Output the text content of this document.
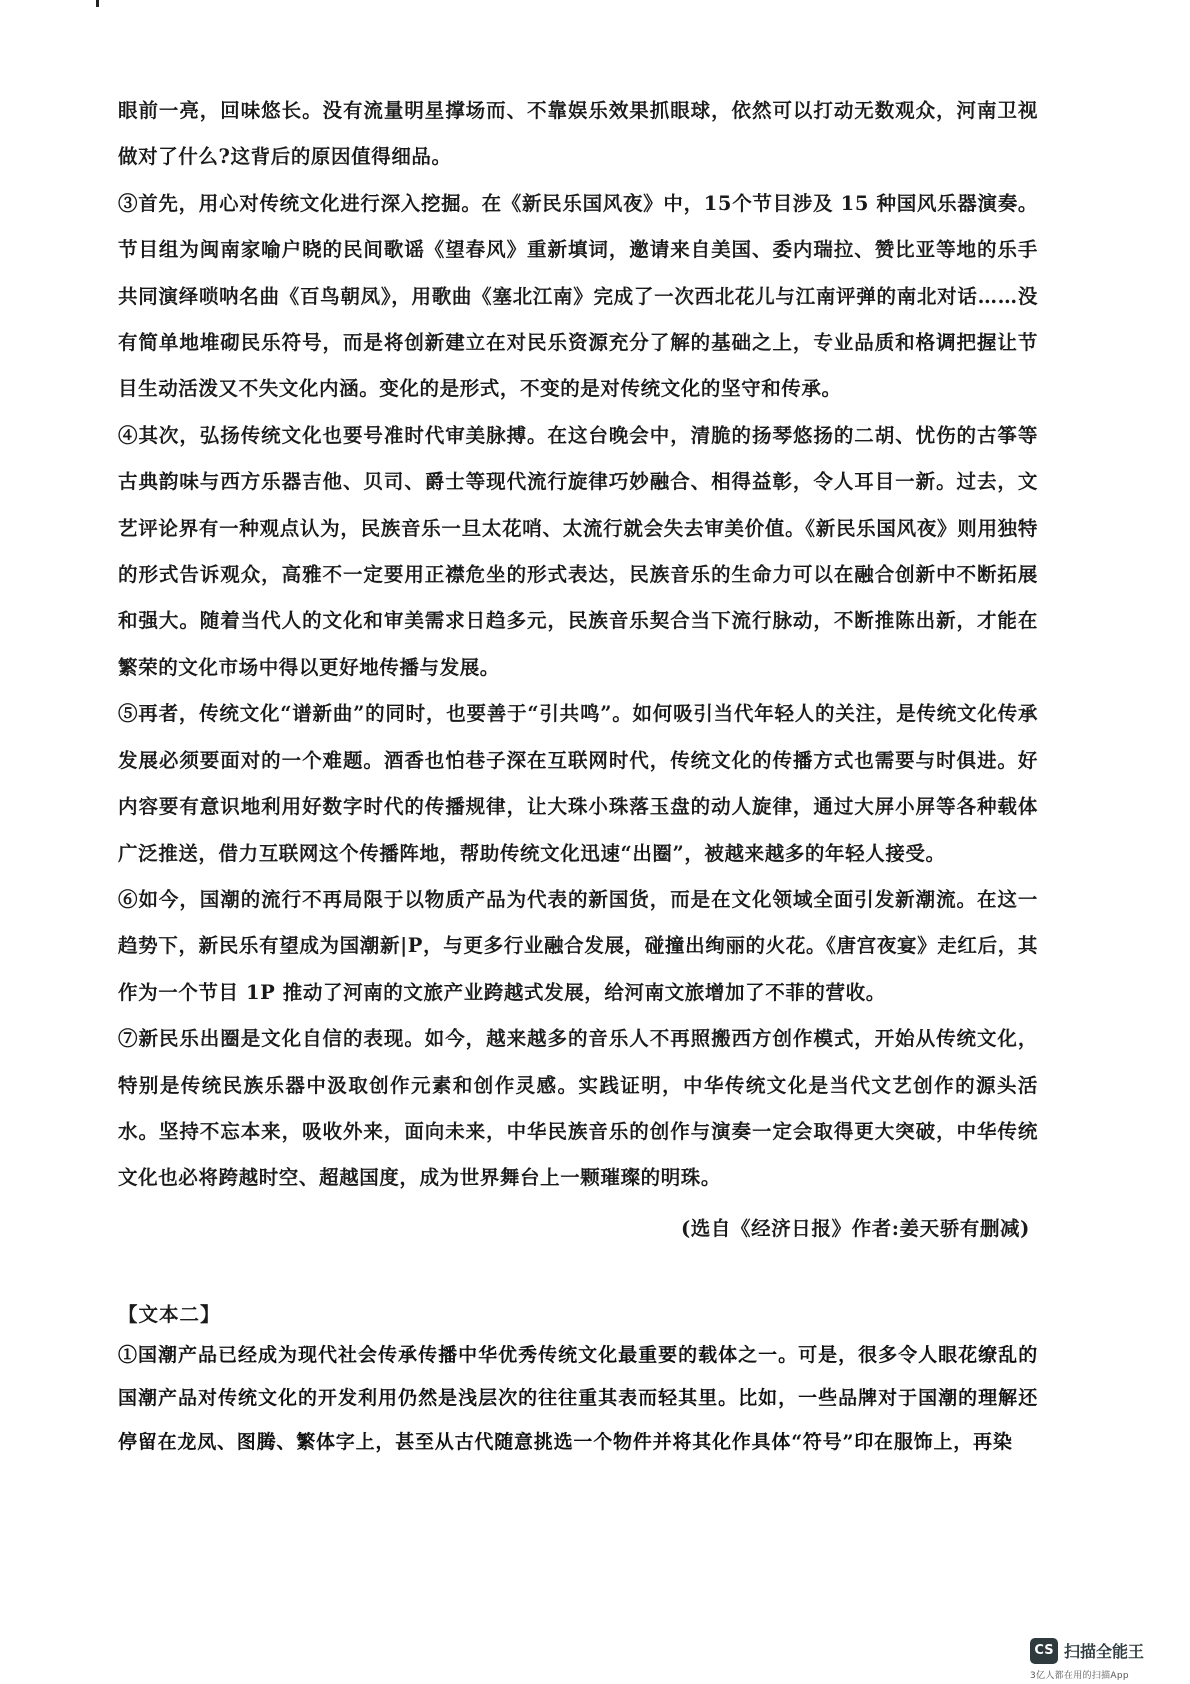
眼前一亮，回味悠长。没有流量明星撑场而、不靠娱乐效果抓眼球，依然可以打动无数观众，河南卫视做对了什么?这背后的原因值得细品。

③首先，用心对传统文化进行深入挖掘。在《新民乐国风夜》中，15个节目涉及 15 种国风乐器演奏。节目组为闽南家喻户晓的民间歌谣《望春风》重新填词，邀请来自美国、委内瑞拉、赞比亚等地的乐手共同演绎唢呐名曲《百鸟朝凤》，用歌曲《塞北江南》完成了一次西北花儿与江南评弹的南北对话……没有简单地堆砌民乐符号，而是将创新建立在对民乐资源充分了解的基础之上，专业品质和格调把握让节目生动活泼又不失文化内涵。变化的是形式，不变的是对传统文化的坚守和传承。

④其次，弘扬传统文化也要号准时代审美脉搏。在这台晚会中，清脆的扬琴悠扬的二胡、忧伤的古筝等古典韵味与西方乐器吉他、贝司、爵士等现代流行旋律巧妙融合、相得益彰，令人耳目一新。过去，文艺评论界有一种观点认为，民族音乐一旦太花哨、太流行就会失去审美价值。《新民乐国风夜》则用独特的形式告诉观众，高雅不一定要用正襟危坐的形式表达，民族音乐的生命力可以在融合创新中不断拓展和强大。随着当代人的文化和审美需求日趋多元，民族音乐契合当下流行脉动，不断推陈出新，才能在繁荣的文化市场中得以更好地传播与发展。

⑤再者，传统文化“谱新曲”的同时，也要善于“引共鸣”。如何吸引当代年轻人的关注，是传统文化传承发展必须要面对的一个难题。酒香也怕巷子深在互联网时代，传统文化的传播方式也需要与时俱进。好内容要有意识地利用好数字时代的传播规律，让大珠小珠落玉盘的动人旋律，通过大屏小屏等各种载体广泛推送，借力互联网这个传播阵地，帮助传统文化迅速“出圈”，被越来越多的年轻人接受。

⑥如今，国潮的流行不再局限于以物质产品为代表的新国货，而是在文化领域全面引发新潮流。在这一趋势下，新民乐有望成为国潮新|P，与更多行业融合发展，碰撞出绚丽的火花。《唐宫夜宴》走红后，其作为一个节目 1P 推动了河南的文旅产业跨越式发展，给河南文旅增加了不菲的营收。

⑦新民乐出圈是文化自信的表现。如今，越来越多的音乐人不再照搬西方创作模式，开始从传统文化，特别是传统民族乐器中汲取创作元素和创作灵感。实践证明，中华传统文化是当代文艺创作的源头活水。坚持不忘本来，吸收外来，面向未来，中华民族音乐的创作与演奏一定会取得更大突破，中华传统文化也必将跨越时空、超越国度，成为世界舞台上一颗璀璨的明珠。

(选自《经济日报》作者:姜天骄有删减)
【文本二】

①国潮产品已经成为现代社会传承传播中华优秀传统文化最重要的载体之一。可是，很多令人眼花缭乱的国潮产品对传统文化的开发利用仍然是浅层次的往往重其表而轻其里。比如，一些品牌对于国潮的理解还停留在龙凤、图腾、繁体字上，甚至从古代随意挑选一个物件并将其化作具体“符号”印在服饰上，再染

CS 扫描全能王
3亿人都在用的扫描App
